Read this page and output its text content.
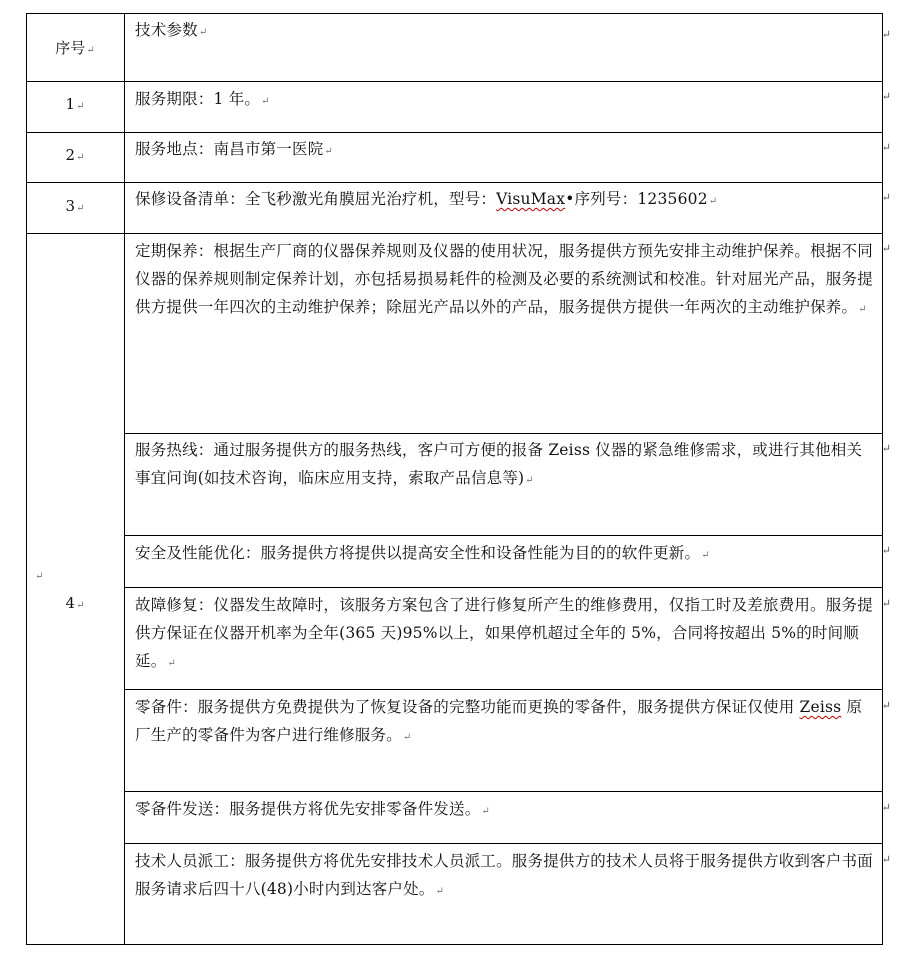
序号↵
技术参数↵
1↵	服务期限：1 年。↵
2↵	服务地点：南昌市第一医院↵
3↵
保修设备清单：全飞秒激光角膜屈光治疗机，型号：VisuMax•序列号：1235602↵
4↵
↵
定期保养：根据生产厂商的仪器保养规则及仪器的使用状况，服务提供方预先安排主动维护保养。根据不同仪器的保养规则制定保养计划，亦包括易损易耗件的检测及必要的系统测试和校准。针对屈光产品，服务提供方提供一年四次的主动维护保养；除屈光产品以外的产品，服务提供方提供一年两次的主动维护保养。↵
服务热线：通过服务提供方的服务热线，客户可方便的报备 Zeiss 仪器的紧急维修需求，或进行其他相关事宜问询(如技术咨询，临床应用支持，索取产品信息等)↵
安全及性能优化：服务提供方将提供以提高安全性和设备性能为目的的软件更新。↵
故障修复：仪器发生故障时，该服务方案包含了进行修复所产生的维修费用，仅指工时及差旅费用。服务提供方保证在仪器开机率为全年(365 天)95%以上，如果停机超过全年的 5%，合同将按超出 5%的时间顺延。↵
零备件：服务提供方免费提供为了恢复设备的完整功能而更换的零备件，服务提供方保证仅使用 Zeiss 原厂生产的零备件为客户进行维修服务。↵
零备件发送：服务提供方将优先安排零备件发送。↵
技术人员派工：服务提供方将优先安排技术人员派工。服务提供方的技术人员将于服务提供方收到客户书面服务请求后四十八(48)小时内到达客户处。↵
↵
↵
↵
↵
↵
↵
↵
↵
↵
↵
↵
